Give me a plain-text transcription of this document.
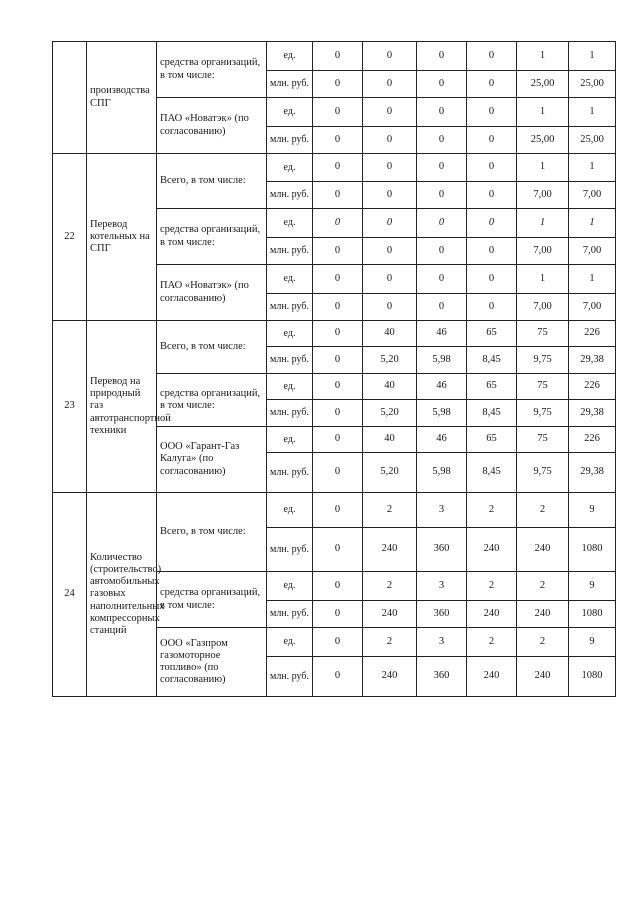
	производства СПГ	средства организаций, в том числе:	ед.	0	0	0	0	1	1
			млн. руб.	0	0	0	0	25,00	25,00
		ПАО «Новатэк» (по согласованию)	ед.	0	0	0	0	1	1
			млн. руб.	0	0	0	0	25,00	25,00
22	Перевод котельных на СПГ	Всего, в том числе:	ед.	0	0	0	0	1	1
			млн. руб.	0	0	0	0	7,00	7,00
		средства организаций, в том числе:	ед.	0	0	0	0	1	1
			млн. руб.	0	0	0	0	7,00	7,00
		ПАО «Новатэк» (по согласованию)	ед.	0	0	0	0	1	1
			млн. руб.	0	0	0	0	7,00	7,00
23	Перевод на природный газ автотранспортной техники	Всего, в том числе:	ед.	0	40	46	65	75	226
			млн. руб.	0	5,20	5,98	8,45	9,75	29,38
		средства организаций, в том числе:	ед.	0	40	46	65	75	226
			млн. руб.	0	5,20	5,98	8,45	9,75	29,38
		ООО «Гарант-Газ Калуга» (по согласованию)	ед.	0	40	46	65	75	226
			млн. руб.	0	5,20	5,98	8,45	9,75	29,38
24	Количество (строительство) автомобильных газовых наполнительных компрессорных станций	Всего, в том числе:	ед.	0	2	3	2	2	9
			млн. руб.	0	240	360	240	240	1080
		средства организаций, в том числе:	ед.	0	2	3	2	2	9
			млн. руб.	0	240	360	240	240	1080
		ООО «Газпром газомоторное топливо» (по согласованию)	ед.	0	2	3	2	2	9
			млн. руб.	0	240	360	240	240	1080
